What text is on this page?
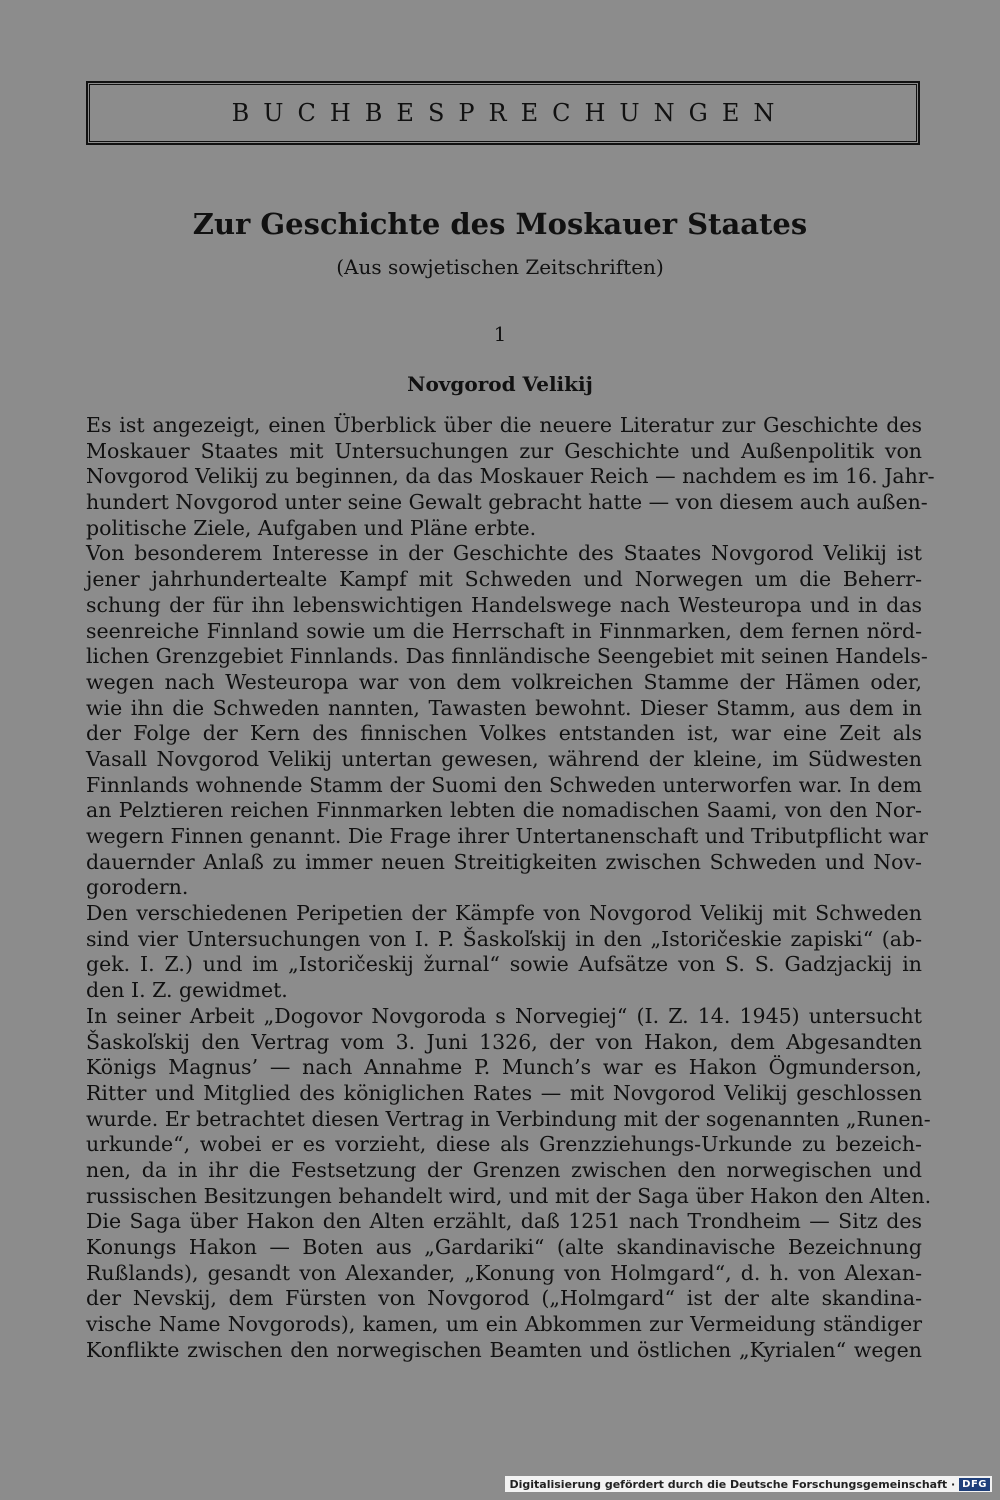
BUCHBESPRECHUNGEN
Zur Geschichte des Moskauer Staates
(Aus sowjetischen Zeitschriften)
1
Novgorod Velikij
Es ist angezeigt, einen Überblick über die neuere Literatur zur Geschichte des
Moskauer Staates mit Untersuchungen zur Geschichte und Außenpolitik von
Novgorod Velikij zu beginnen, da das Moskauer Reich — nachdem es im 16. Jahr-
hundert Novgorod unter seine Gewalt gebracht hatte — von diesem auch außen-
politische Ziele, Aufgaben und Pläne erbte.
Von besonderem Interesse in der Geschichte des Staates Novgorod Velikij ist
jener jahrhundertealte Kampf mit Schweden und Norwegen um die Beherr-
schung der für ihn lebenswichtigen Handelswege nach Westeuropa und in das
seenreiche Finnland sowie um die Herrschaft in Finnmarken, dem fernen nörd-
lichen Grenzgebiet Finnlands. Das finnländische Seengebiet mit seinen Handels-
wegen nach Westeuropa war von dem volkreichen Stamme der Hämen oder,
wie ihn die Schweden nannten, Tawasten bewohnt. Dieser Stamm, aus dem in
der Folge der Kern des finnischen Volkes entstanden ist, war eine Zeit als
Vasall Novgorod Velikij untertan gewesen, während der kleine, im Südwesten
Finnlands wohnende Stamm der Suomi den Schweden unterworfen war. In dem
an Pelztieren reichen Finnmarken lebten die nomadischen Saami, von den Nor-
wegern Finnen genannt. Die Frage ihrer Untertanenschaft und Tributpflicht war
dauernder Anlaß zu immer neuen Streitigkeiten zwischen Schweden und Nov-
gorodern.
Den verschiedenen Peripetien der Kämpfe von Novgorod Velikij mit Schweden
sind vier Untersuchungen von I. P. Šaskoľskij in den „Istoričeskie zapiski“ (ab-
gek. I. Z.) und im „Istoričeskij žurnal“ sowie Aufsätze von S. S. Gadzjackij in
den I. Z. gewidmet.
In seiner Arbeit „Dogovor Novgoroda s Norvegiej“ (I. Z. 14. 1945) untersucht
Šaskoľskij den Vertrag vom 3. Juni 1326, der von Hakon, dem Abgesandten
Königs Magnus’ — nach Annahme P. Munch’s war es Hakon Ögmunderson,
Ritter und Mitglied des königlichen Rates — mit Novgorod Velikij geschlossen
wurde. Er betrachtet diesen Vertrag in Verbindung mit der sogenannten „Runen-
urkunde“, wobei er es vorzieht, diese als Grenzziehungs-Urkunde zu bezeich-
nen, da in ihr die Festsetzung der Grenzen zwischen den norwegischen und
russischen Besitzungen behandelt wird, und mit der Saga über Hakon den Alten.
Die Saga über Hakon den Alten erzählt, daß 1251 nach Trondheim — Sitz des
Konungs Hakon — Boten aus „Gardariki“ (alte skandinavische Bezeichnung
Rußlands), gesandt von Alexander, „Konung von Holmgard“, d. h. von Alexan-
der Nevskij, dem Fürsten von Novgorod („Holmgard“ ist der alte skandina-
vische Name Novgorods), kamen, um ein Abkommen zur Vermeidung ständiger
Konflikte zwischen den norwegischen Beamten und östlichen „Kyrialen“ wegen
Digitalisierung gefördert durch die Deutsche Forschungsgemeinschaft · DFG
